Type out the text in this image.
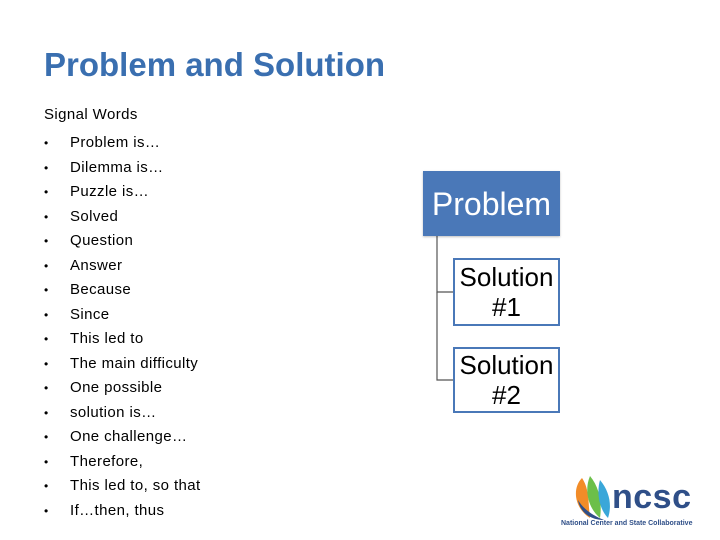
Problem and Solution
Signal Words
•	Problem is…
•	Dilemma is…
•	Puzzle is…
•	Solved
•	Question
•	Answer
•	Because
•	Since
•	This led to
•	The main difficulty
•	One possible
•	solution is…
•	One challenge…
•	Therefore,
•	This led to, so that
•	If…then, thus
Problem
Solution
#1
Solution
#2
ncsc
National Center and State Collaborative
